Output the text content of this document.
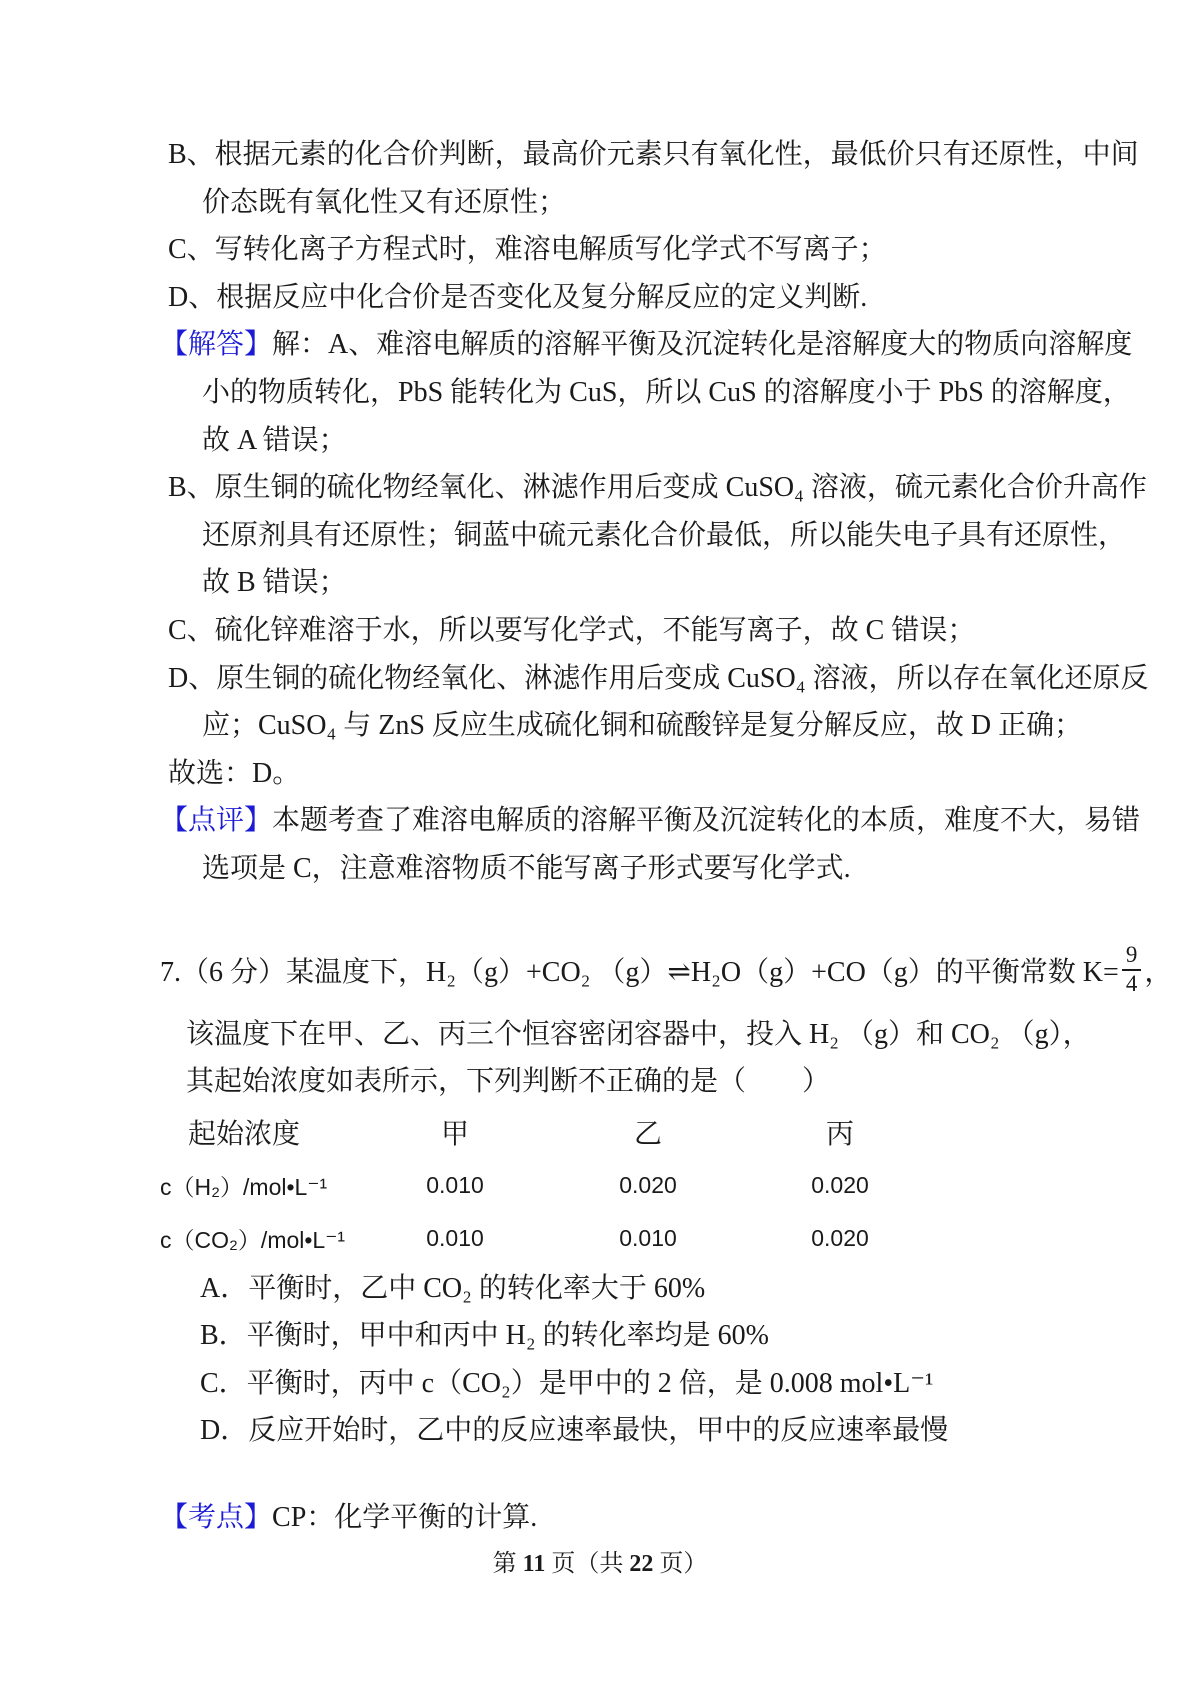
B、根据元素的化合价判断，最高价元素只有氧化性，最低价只有还原性，中间
价态既有氧化性又有还原性；
C、写转化离子方程式时，难溶电解质写化学式不写离子；
D、根据反应中化合价是否变化及复分解反应的定义判断.
【解答】解：A、难溶电解质的溶解平衡及沉淀转化是溶解度大的物质向溶解度
小的物质转化，PbS 能转化为 CuS，所以 CuS 的溶解度小于 PbS 的溶解度，
故 A 错误；
B、原生铜的硫化物经氧化、淋滤作用后变成 CuSO₄ 溶液，硫元素化合价升高作
还原剂具有还原性；铜蓝中硫元素化合价最低，所以能失电子具有还原性，
故 B 错误；
C、硫化锌难溶于水，所以要写化学式，不能写离子，故 C 错误；
D、原生铜的硫化物经氧化、淋滤作用后变成 CuSO₄ 溶液，所以存在氧化还原反
应；CuSO₄ 与 ZnS 反应生成硫化铜和硫酸锌是复分解反应，故 D 正确；
故选：D。
【点评】本题考查了难溶电解质的溶解平衡及沉淀转化的本质，难度不大，易错
选项是 C，注意难溶物质不能写离子形式要写化学式.
7.（6 分）某温度下，H₂（g）+CO₂ （g）⇌H₂O（g）+CO（g）的平衡常数 $K= \frac{9}{4}$ ，
该温度下在甲、乙、丙三个恒容密闭容器中，投入 H₂ （g）和 CO₂ （g），
其起始浓度如表所示，下列判断不正确的是（　　）
起始浓度	甲	乙	丙
c（H₂）/mol•L⁻¹	0.010	0.020	0.020
c（CO₂）/mol•L⁻¹	0.010	0.010	0.020
A．平衡时，乙中 CO₂ 的转化率大于 60%
B．平衡时，甲中和丙中 H₂ 的转化率均是 60%
C．平衡时，丙中 c（CO₂）是甲中的 2 倍，是 0.008 mol•L⁻¹
D．反应开始时，乙中的反应速率最快，甲中的反应速率最慢
【考点】CP：化学平衡的计算.
第 11 页（共 22 页）
